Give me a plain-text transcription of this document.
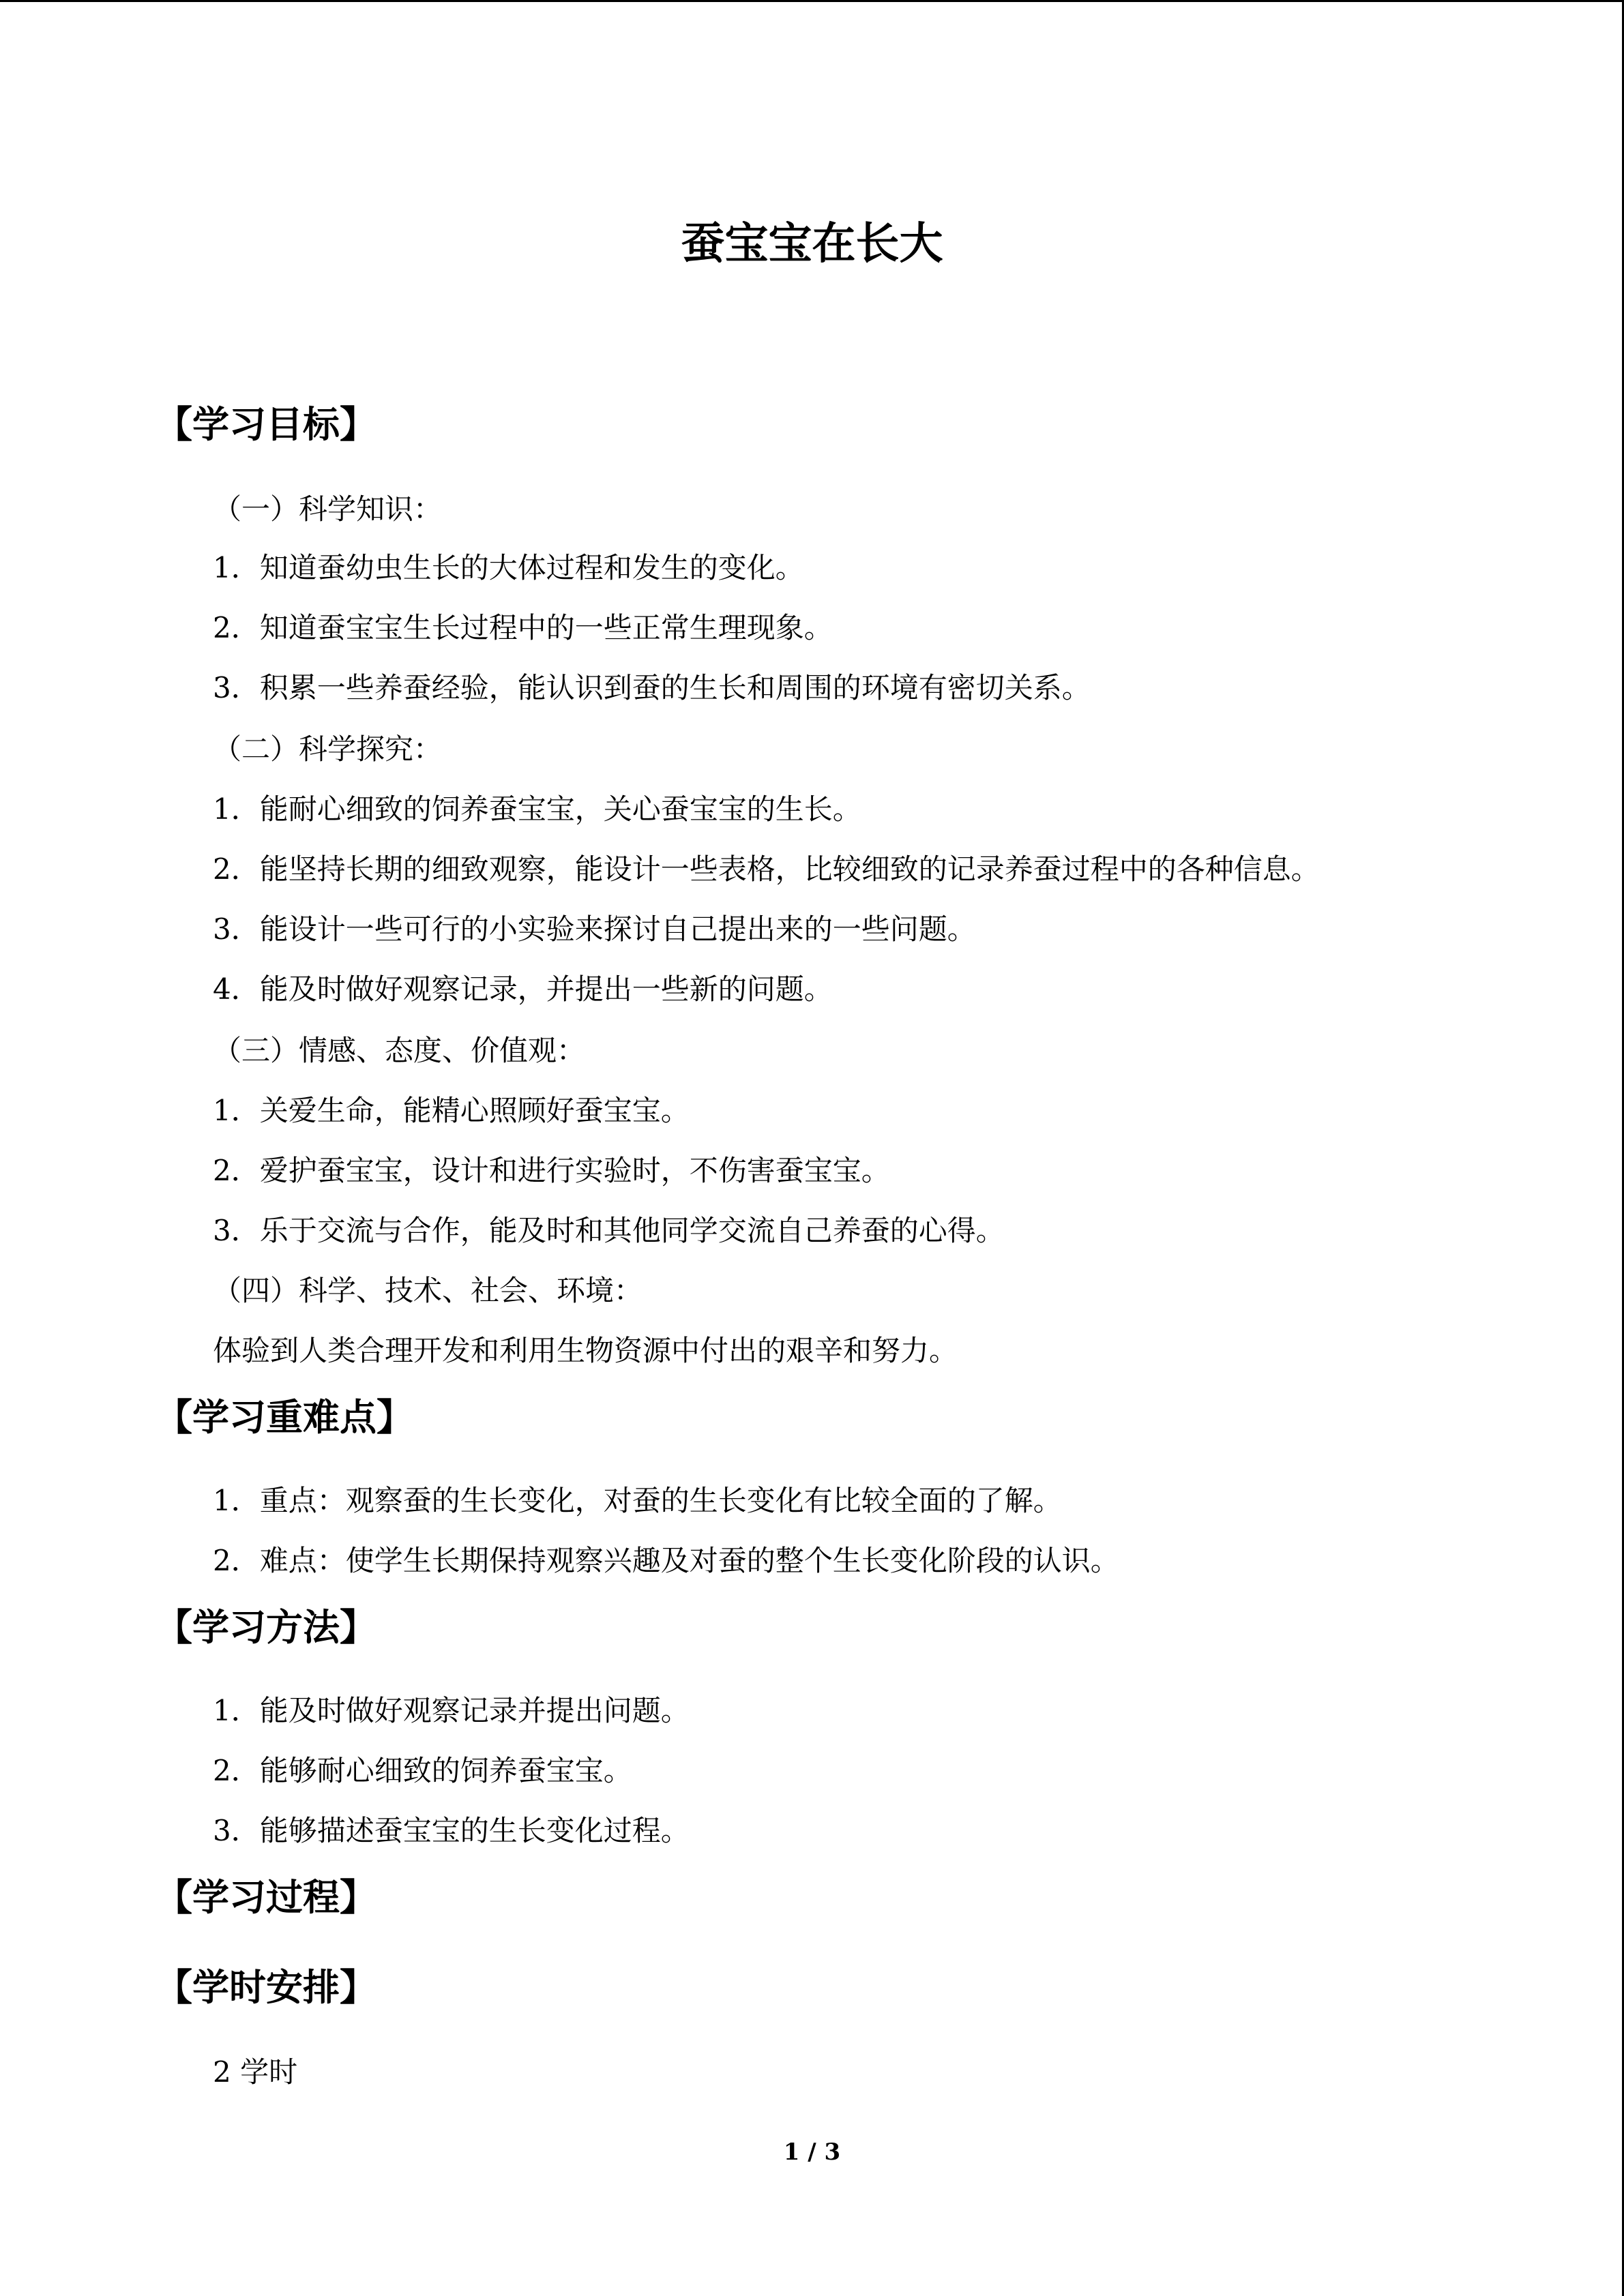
蚕宝宝在长大
【学习目标】
（一）科学知识：
1．知道蚕幼虫生长的大体过程和发生的变化。
2．知道蚕宝宝生长过程中的一些正常生理现象。
3．积累一些养蚕经验，能认识到蚕的生长和周围的环境有密切关系。
（二）科学探究：
1．能耐心细致的饲养蚕宝宝，关心蚕宝宝的生长。
2．能坚持长期的细致观察，能设计一些表格，比较细致的记录养蚕过程中的各种信息。
3．能设计一些可行的小实验来探讨自己提出来的一些问题。
4．能及时做好观察记录，并提出一些新的问题。
（三）情感、态度、价值观：
1．关爱生命，能精心照顾好蚕宝宝。
2．爱护蚕宝宝，设计和进行实验时，不伤害蚕宝宝。
3．乐于交流与合作，能及时和其他同学交流自己养蚕的心得。
（四）科学、技术、社会、环境：
体验到人类合理开发和利用生物资源中付出的艰辛和努力。
【学习重难点】
1．重点：观察蚕的生长变化，对蚕的生长变化有比较全面的了解。
2．难点：使学生长期保持观察兴趣及对蚕的整个生长变化阶段的认识。
【学习方法】
1．能及时做好观察记录并提出问题。
2．能够耐心细致的饲养蚕宝宝。
3．能够描述蚕宝宝的生长变化过程。
【学习过程】
【学时安排】
2 学时
1 / 3
